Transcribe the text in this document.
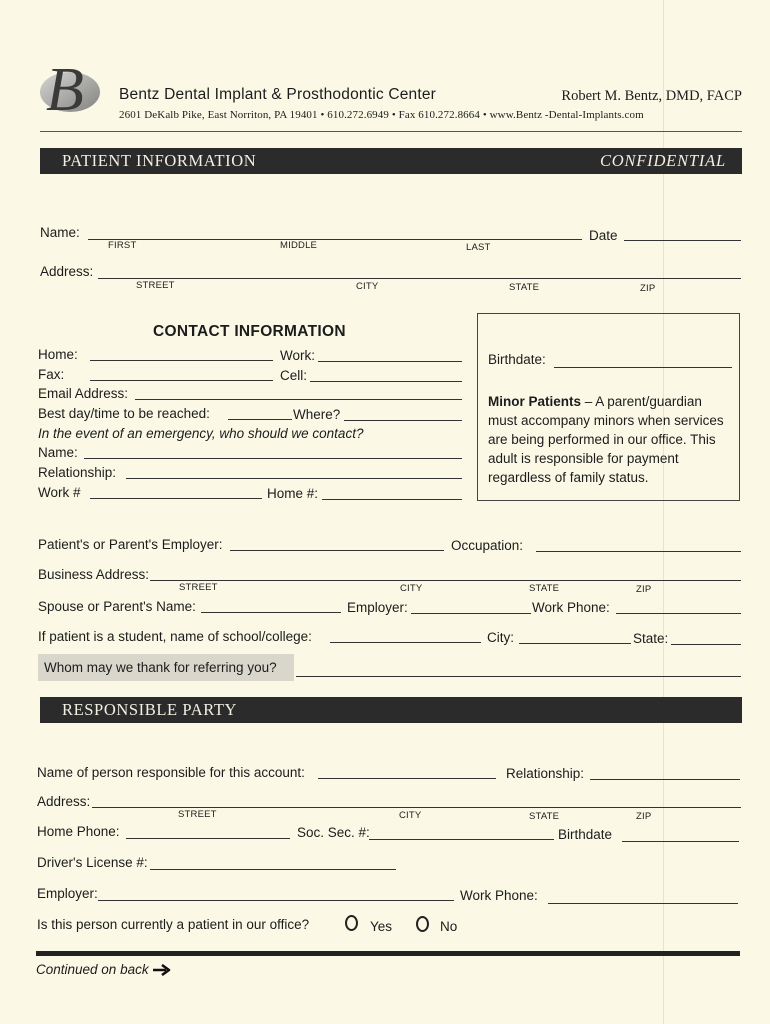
B Bentz Dental Implant & Prosthodontic Center	Robert M. Bentz, DMD, FACP
2601 DeKalb Pike, East Norriton, PA 19401 • 610.272.6949 • Fax 610.272.8664 • www.Bentz -Dental-Implants.com
PATIENT INFORMATION	CONFIDENTIAL
Name:
FIRST	MIDDLE	LAST
Date
Address:
STREET	CITY	STATE	ZIP
CONTACT INFORMATION
Home:	Work:
Fax:	Cell:
Email Address:
Best day/time to be reached:	Where?
In the event of an emergency, who should we contact?
Name:
Relationship:
Work #	Home #:
Birthdate:
Minor Patients – A parent/guardian must accompany minors when services are being performed in our office. This adult is responsible for payment regardless of family status.
Patient's or Parent's Employer:	Occupation:
Business Address:
STREET	CITY	STATE	ZIP
Spouse or Parent's Name:	Employer:	Work Phone:
If patient is a student, name of school/college:	City:	State:
Whom may we thank for referring you?
RESPONSIBLE PARTY
Name of person responsible for this account:	Relationship:
Address:
STREET	CITY	STATE	ZIP
Home Phone:	Soc. Sec. #:	Birthdate
Driver's License #:
Employer:	Work Phone:
Is this person currently a patient in our office?	Yes	No
Continued on back
